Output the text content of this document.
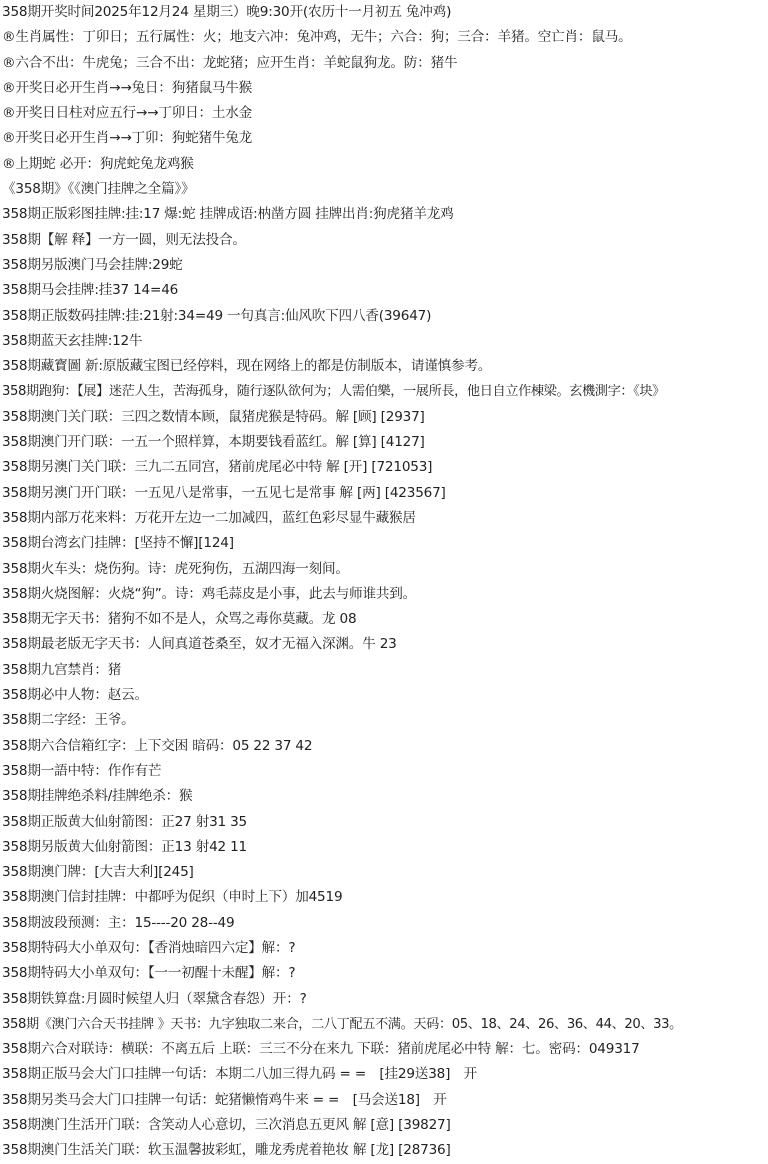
358期开奖时间2025年12月24 星期三）晚9:30开(农历十一月初五 兔冲鸡)
®生肖属性：丁卯日；五行属性：火；地支六冲：兔冲鸡，无牛；六合：狗；三合：羊猪。空亡肖：鼠马。
®六合不出：牛虎兔；三合不出：龙蛇猪；应开生肖：羊蛇鼠狗龙。防：猪牛
®开奖日必开生肖→→兔日：狗猪鼠马牛猴
®开奖日日柱对应五行→→丁卯日：土水金
®开奖日必开生肖→→丁卯：狗蛇猪牛兔龙
®上期蛇 必开：狗虎蛇兔龙鸡猴
《358期》《《澳门挂牌之全篇》》
358期正版彩图挂牌:挂:17 爆:蛇 挂牌成语:枘凿方圆 挂牌出肖:狗虎猪羊龙鸡
358期【解 释】一方一圆，则无法投合。
358期另版澳门马会挂牌:29蛇
358期马会挂牌:挂37 14=46
358期正版数码挂牌:挂:21射:34=49 一句真言:仙风吹下四八香(39647)
358期蓝天玄挂牌:12牛
358期藏寳圖 新:原版藏宝图已经停料，现在网络上的都是仿制版本，请谨慎参考。
358期跑狗：【展】迷茫人生，苦海孤身，随行逐队欲何为；人需伯樂，一展所長，他日自立作棟梁。玄機測字：《块》
358期澳门关门联：三四之数情本顾，鼠猪虎猴是特码。解 [顾] [2937]
358期澳门开门联：一五一个照样算，本期要钱看蓝红。解 [算] [4127]
358期另澳门关门联：三九二五同宫，猪前虎尾必中特 解 [开] [721053]
358期另澳门开门联：一五见八是常事，一五见七是常事 解 [两] [423567]
358期内部万花来料：万花开左边一二加减四，蓝红色彩尽显牛藏猴居
358期台湾玄门挂牌：[坚持不懈][124]
358期火车头：烧伤狗。诗：虎死狗伤，五湖四海一刻间。
358期火烧图解：火烧“狗”。诗：鸡毛蒜皮是小事，此去与师谁共到。
358期无字天书：猪狗不如不是人，众骂之毒你莫藏。龙 08
358期最老版无字天书：人间真道苍桑至，奴才无福入深渊。牛 23
358期九宫禁肖：猪
358期必中人物：赵云。
358期二字经：王爷。
358期六合信箱红字：上下交困 暗码：05 22 37 42
358期一語中特：作作有芒
358期挂牌绝杀料/挂牌绝杀：猴
358期正版黄大仙射箭图：正27 射31 35
358期另版黄大仙射箭图：正13 射42 11
358期澳门牌：[大吉大利][245]
358期澳门信封挂牌：中都呼为促织（申时上下）加4519
358期波段预测：主：15----20 28--49
358期特码大小单双句：【香消烛暗四六定】解：?
358期特码大小单双句：【一一初醒十未醒】解：?
358期铁算盘:月圆时候望人归（翠黛含春怨）开：?
358期《澳门六合天书挂牌 》天书：九字独取二来合，二八丁配五不满。天码：05、18、24、26、36、44、20、33。
358期六合对联诗：横联：不离五后 上联：三三不分在来九 下联：猪前虎尾必中特 解：七。密码：049317
358期正版马会大门口挂牌一句话：本期二八加三得九码 = =　[挂29送38]　开
358期另类马会大门口挂牌一句话：蛇猪懒惰鸡牛来 = =　[马会送18]　开
358期澳门生活开门联：含笑动人心意切，三次消息五更风 解 [意] [39827]
358期澳门生活关门联：软玉温馨披彩虹，雕龙秀虎着艳妆 解 [龙] [28736]
